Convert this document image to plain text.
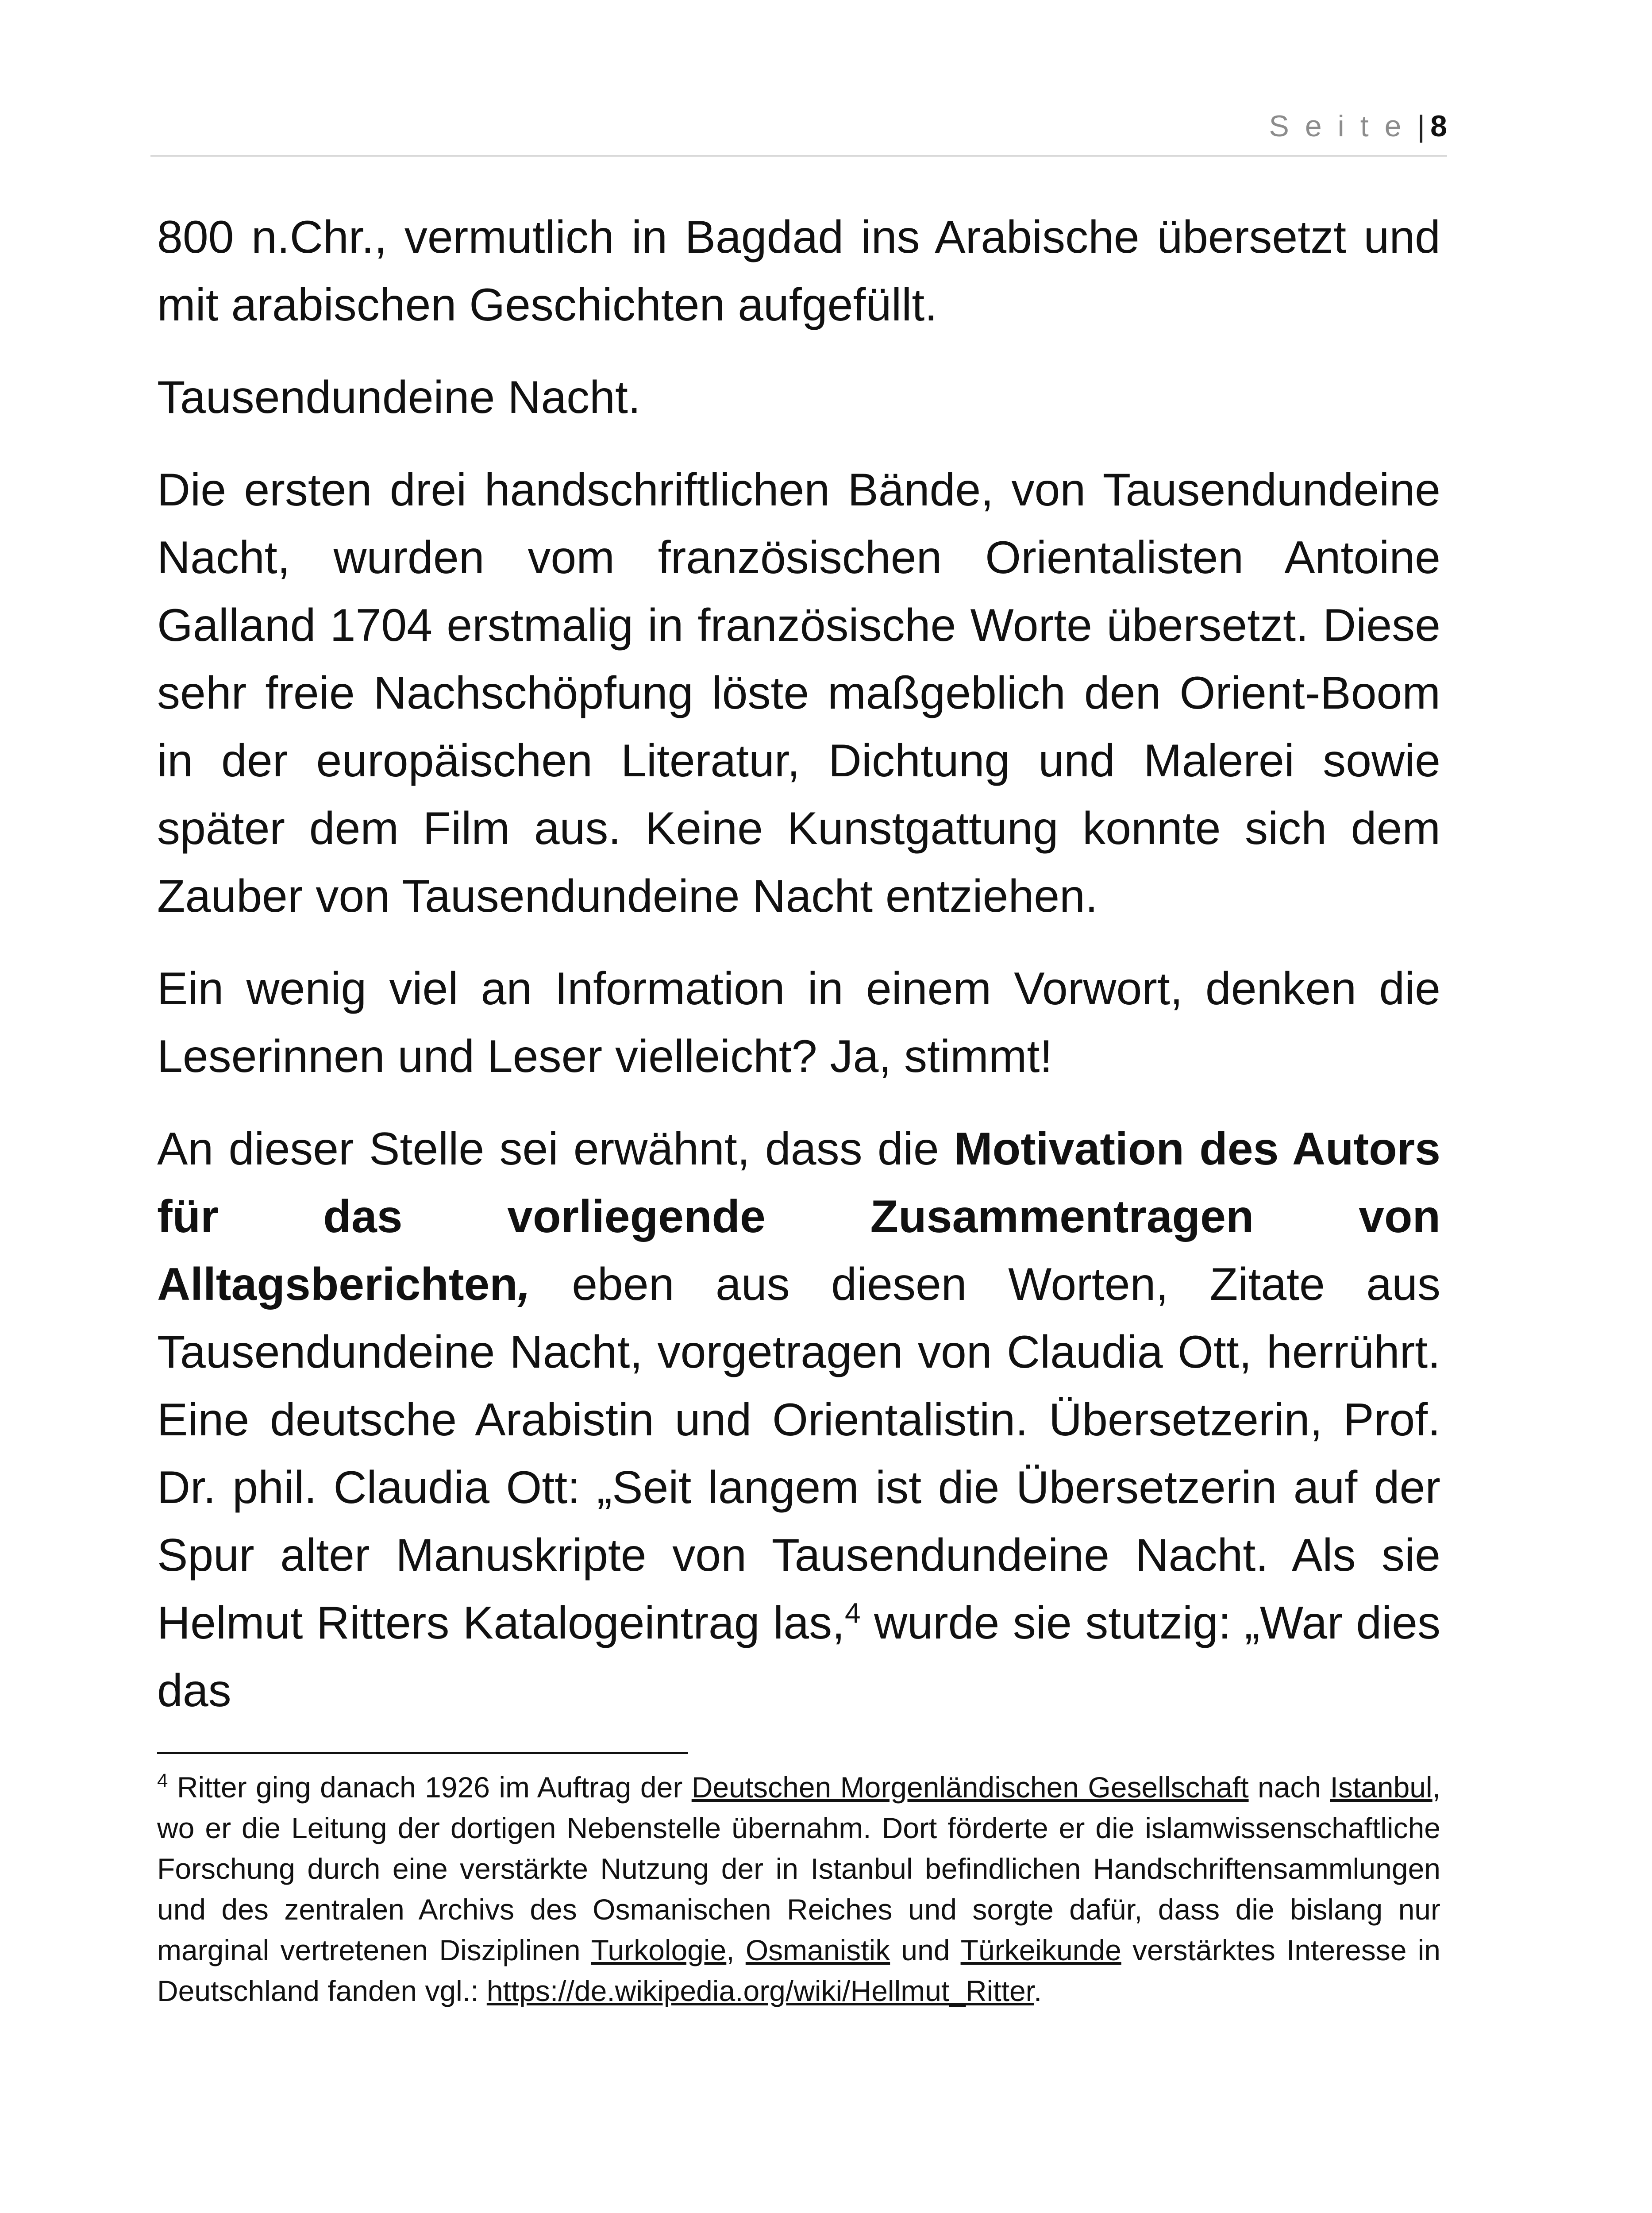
Seite| 8

800 n.Chr., vermutlich in Bagdad ins Arabische übersetzt und mit arabischen Geschichten aufgefüllt.

Tausendundeine Nacht.

Die ersten drei handschriftlichen Bände, von Tausendundeine Nacht, wurden vom französischen Orientalisten Antoine Galland 1704 erstmalig in französische Worte übersetzt. Diese sehr freie Nachschöpfung löste maßgeblich den Orient-Boom in der europäischen Literatur, Dichtung und Malerei sowie später dem Film aus. Keine Kunstgattung konnte sich dem Zauber von Tausendundeine Nacht entziehen.

Ein wenig viel an Information in einem Vorwort, denken die Leserinnen und Leser vielleicht? Ja, stimmt!

An dieser Stelle sei erwähnt, dass die Motivation des Autors für das vorliegende Zusammentragen von Alltagsberichten, eben aus diesen Worten, Zitate aus Tausendundeine Nacht, vorgetragen von Claudia Ott, herrührt. Eine deutsche Arabistin und Orientalistin. Übersetzerin, Prof. Dr. phil. Claudia Ott: „Seit langem ist die Übersetzerin auf der Spur alter Manuskripte von Tausendundeine Nacht. Als sie Helmut Ritters Katalogeintrag las,$^4$ wurde sie stutzig: „War dies das

$^4$ Ritter ging danach 1926 im Auftrag der Deutschen Morgenländischen Gesellschaft nach Istanbul, wo er die Leitung der dortigen Nebenstelle übernahm. Dort förderte er die islamwissenschaftliche Forschung durch eine verstärkte Nutzung der in Istanbul befindlichen Handschriftensammlungen und des zentralen Archivs des Osmanischen Reiches und sorgte dafür, dass die bislang nur marginal vertretenen Disziplinen Turkologie, Osmanistik und Türkeikunde verstärktes Interesse in Deutschland fanden vgl.: https://de.wikipedia.org/wiki/Hellmut_Ritter.
